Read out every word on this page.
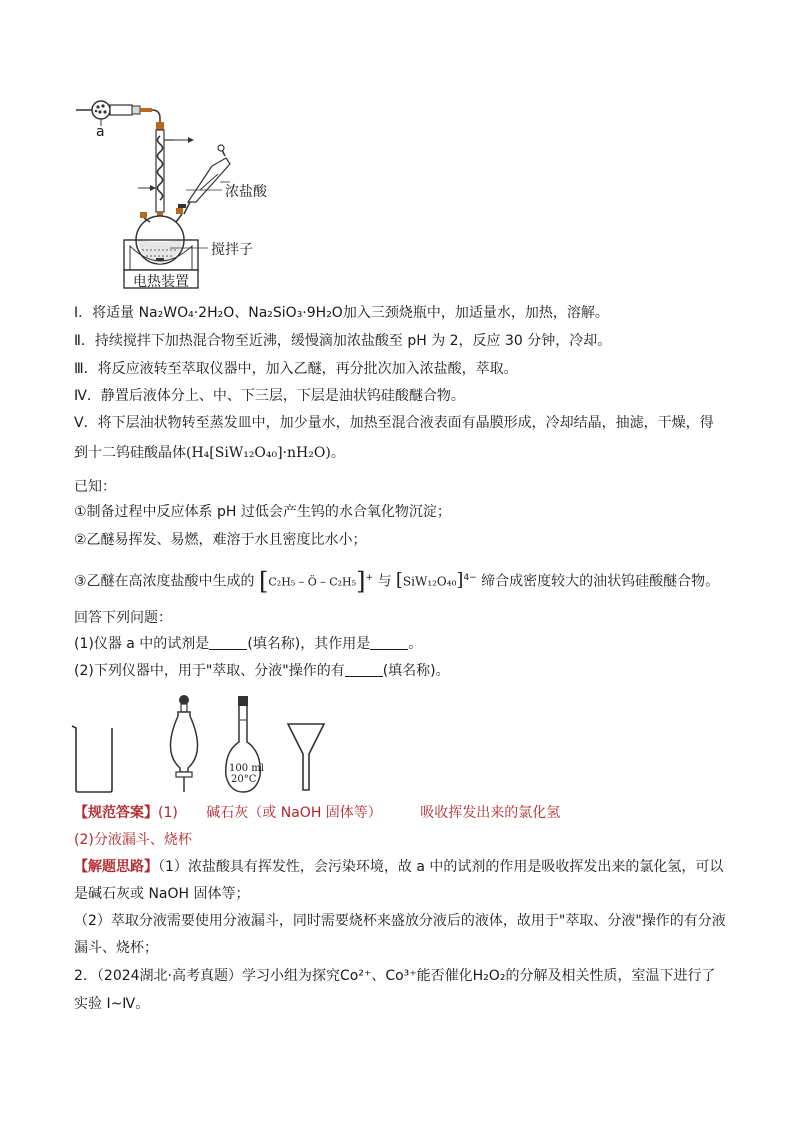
a
浓盐酸
搅拌子
电热装置
Ⅰ．将适量 Na₂WO₄·2H₂O、Na₂SiO₃·9H₂O加入三颈烧瓶中，加适量水，加热，溶解。
Ⅱ．持续搅拌下加热混合物至近沸，缓慢滴加浓盐酸至 pH 为 2，反应 30 分钟，冷却。
Ⅲ．将反应液转至萃取仪器中，加入乙醚，再分批次加入浓盐酸，萃取。
Ⅳ．静置后液体分上、中、下三层，下层是油状钨硅酸醚合物。
Ⅴ．将下层油状物转至蒸发皿中，加少量水，加热至混合液表面有晶膜形成，冷却结晶，抽滤，干燥，得
到十二钨硅酸晶体(H₄[SiW₁₂O₄₀]·nH₂O)。
已知：
①制备过程中反应体系 pH 过低会产生钨的水合氧化物沉淀；
②乙醚易挥发、易燃，难溶于水且密度比水小；
③乙醚在高浓度盐酸中生成的 [C₂H₅ – Ö – C₂H₅]+ 与 $[SiW_{12}O_{40}]^{4-}$ 缔合成密度较大的油状钨硅酸醚合物。
回答下列问题：
(1)仪器 a 中的试剂是	(填名称)，其作用是	。
(2)下列仪器中，用于"萃取、分液"操作的有	(填名称)。
100 ml
20°C
【规范答案】(1) 碱石灰（或 NaOH 固体等）	吸收挥发出来的氯化氢
(2)分液漏斗、烧杯
【解题思路】（1）浓盐酸具有挥发性，会污染环境，故 a 中的试剂的作用是吸收挥发出来的氯化氢，可以
是碱石灰或 NaOH 固体等；
（2）萃取分液需要使用分液漏斗，同时需要烧杯来盛放分液后的液体，故用于"萃取、分液"操作的有分液
漏斗、烧杯；
2．（2024湖北·高考真题）学习小组为探究Co²⁺、Co³⁺能否催化H₂O₂的分解及相关性质，室温下进行了
实验 Ⅰ~Ⅳ。
